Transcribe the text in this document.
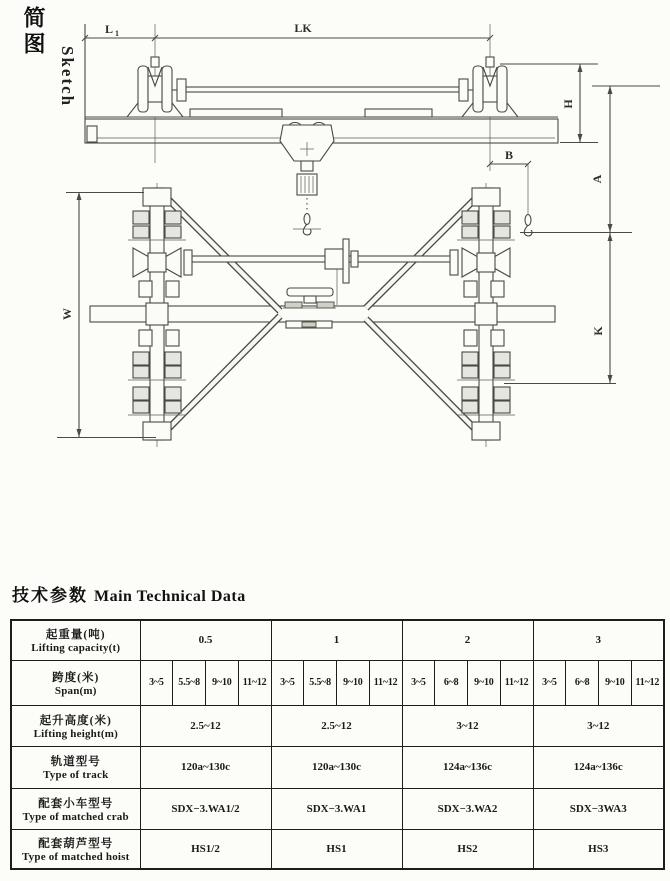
简图
Sketch
L 1	LK
H
B
A
W
K
技术参数 Main Technical Data
起重量(吨)
Lifting capacity(t)	0.5				1				2				3			

跨度(米)
Span(m)	3~5	5.5~8	9~10	11~12	3~5	5.5~8	9~10	11~12	3~5	6~8	9~10	11~12	3~5	6~8	9~10	11~12

起升高度(米)
Lifting height(m)	2.5~12				2.5~12				3~12				3~12			

轨道型号
Type of track	120a~130c				120a~130c				124a~136c				124a~136c			

配套小车型号
Type of matched crab	SDX−3.WA1/2				SDX−3.WA1				SDX−3.WA2				SDX−3WA3			

配套葫芦型号
Type of matched hoist	HS1/2				HS1				HS2				HS3			
